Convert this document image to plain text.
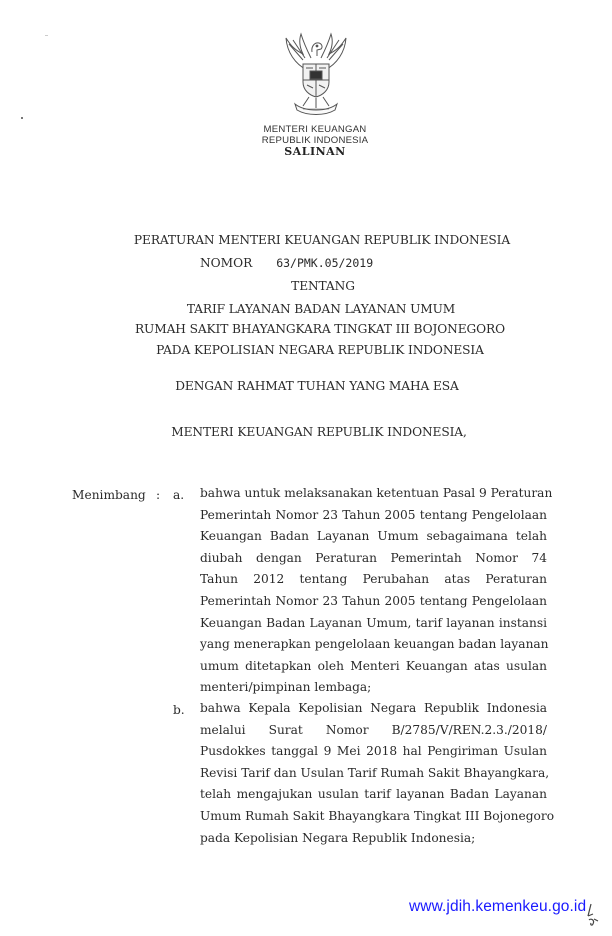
MENTERI KEUANGAN
REPUBLIK INDONESIA
SALINAN
PERATURAN MENTERI KEUANGAN REPUBLIK INDONESIA
NOMOR 63/PMK.05/2019
TENTANG
TARIF LAYANAN BADAN LAYANAN UMUM
RUMAH SAKIT BHAYANGKARA TINGKAT III BOJONEGORO
PADA KEPOLISIAN NEGARA REPUBLIK INDONESIA
DENGAN RAHMAT TUHAN YANG MAHA ESA
MENTERI KEUANGAN REPUBLIK INDONESIA,
Menimbang : a. bahwa untuk melaksanakan ketentuan Pasal 9 Peraturan
Pemerintah Nomor 23 Tahun 2005 tentang Pengelolaan
Keuangan Badan Layanan Umum sebagaimana telah
diubah dengan Peraturan Pemerintah Nomor 74
Tahun 2012 tentang Perubahan atas Peraturan
Pemerintah Nomor 23 Tahun 2005 tentang Pengelolaan
Keuangan Badan Layanan Umum, tarif layanan instansi
yang menerapkan pengelolaan keuangan badan layanan
umum ditetapkan oleh Menteri Keuangan atas usulan
menteri/pimpinan lembaga;
b. bahwa Kepala Kepolisian Negara Republik Indonesia
melalui Surat Nomor B/2785/V/REN.2.3./2018/
Pusdokkes tanggal 9 Mei 2018 hal Pengiriman Usulan
Revisi Tarif dan Usulan Tarif Rumah Sakit Bhayangkara,
telah mengajukan usulan tarif layanan Badan Layanan
Umum Rumah Sakit Bhayangkara Tingkat III Bojonegoro
pada Kepolisian Negara Republik Indonesia;
www.jdih.kemenkeu.go.id
